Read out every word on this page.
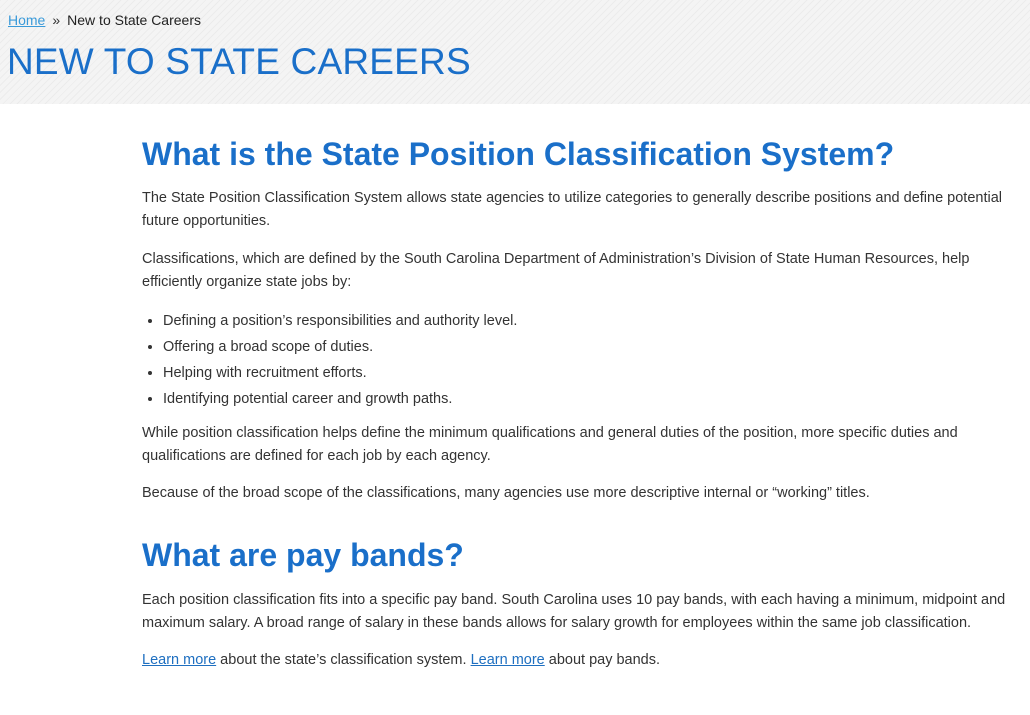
Home » New to State Careers
NEW TO STATE CAREERS
What is the State Position Classification System?

The State Position Classification System allows state agencies to utilize categories to generally describe positions and define potential future opportunities.

Classifications, which are defined by the South Carolina Department of Administration’s Division of State Human Resources, help efficiently organize state jobs by:

• Defining a position’s responsibilities and authority level.
• Offering a broad scope of duties.
• Helping with recruitment efforts.
• Identifying potential career and growth paths.

While position classification helps define the minimum qualifications and general duties of the position, more specific duties and qualifications are defined for each job by each agency.

Because of the broad scope of the classifications, many agencies use more descriptive internal or “working” titles.

What are pay bands?

Each position classification fits into a specific pay band. South Carolina uses 10 pay bands, with each having a minimum, midpoint and maximum salary. A broad range of salary in these bands allows for salary growth for employees within the same job classification.

Learn more about the state’s classification system. Learn more about pay bands.
